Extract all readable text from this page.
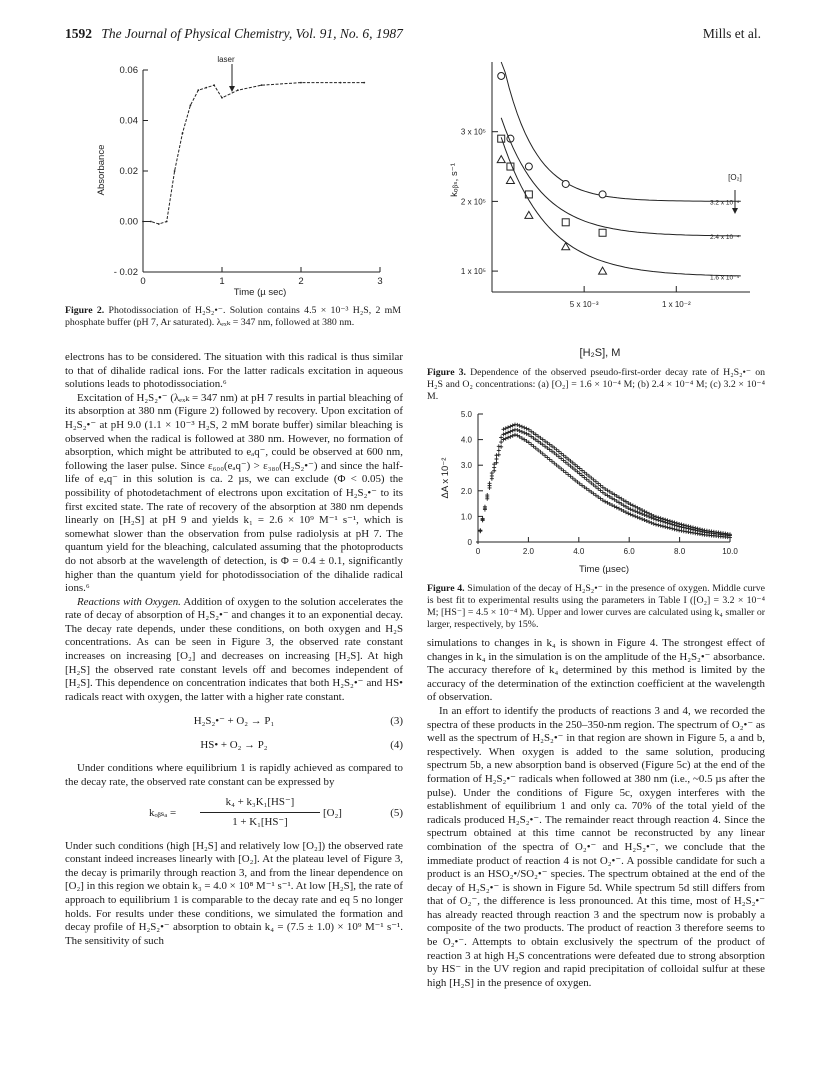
1592 The Journal of Physical Chemistry, Vol. 91, No. 6, 1987	Mills et al.
0.06
0.04
0.02
0.00
- 0.02
0	1	2	3
laser
Absorbance
Time (µ sec)
Figure 2. Photodissociation of H₂S₂•⁻. Solution contains 4.5 × 10⁻³ H₂S, 2 mM phosphate buffer (pH 7, Ar saturated). λₑₓₖ = 347 nm, followed at 380 nm.

electrons has to be considered. The situation with this radical is thus similar to that of dihalide radical ions. For the latter radicals excitation in aqueous solutions leads to photodissociation.⁶

Excitation of H₂S₂•⁻ (λₑₓₖ = 347 nm) at pH 7 results in partial bleaching of its absorption at 380 nm (Figure 2) followed by recovery. Upon excitation of H₂S₂•⁻ at pH 9.0 (1.1 × 10⁻³ H₂S, 2 mM borate buffer) similar bleaching is observed when the radical is followed at 380 nm. However, no formation of absorption, which might be attributed to eₐq⁻, could be observed at 600 nm, following the laser pulse. Since ε₆₀₀(eₐq⁻) > ε₃₈₀(H₂S₂•⁻) and since the half-life of eₐq⁻ in this solution is ca. 2 µs, we can exclude (Φ < 0.05) the possibility of photodetachment of electrons upon excitation of H₂S₂•⁻ to its first excited state. The rate of recovery of the absorption at 380 nm depends linearly on [H₂S] at pH 9 and yields k₁ = 2.6 × 10⁹ M⁻¹ s⁻¹, which is somewhat slower than the observation from pulse radiolysis at pH 7. The quantum yield for the bleaching, calculated assuming that the photoproducts do not absorb at the wavelength of detection, is Φ = 0.4 ± 0.1, significantly higher than the quantum yield for photodissociation of the dihalide radical ions.⁶

Reactions with Oxygen. Addition of oxygen to the solution accelerates the rate of decay of absorption of H₂S₂•⁻ and changes it to an exponential decay. The decay rate depends, under these conditions, on both oxygen and H₂S concentrations. As can be seen in Figure 3, the observed rate constant increases on increasing [O₂] and decreases on increasing [H₂S]. At high [H₂S] the observed rate constant levels off and becomes independent of [H₂S]. This dependence on concentration indicates that both H₂S₂•⁻ and HS• radicals react with oxygen, the latter with a higher rate constant.

H₂S₂•⁻ + O₂ → P₁	(3)
HS• + O₂ → P₂	(4)

Under conditions where equilibrium 1 is rapidly achieved as compared to the decay rate, the observed rate constant can be expressed by

kₒᵦₛₐ =
k₄ + k₃K₁[HS⁻]
1 + K₁[HS⁻]
[O₂]	(5)

Under such conditions (high [H₂S] and relatively low [O₂]) the observed rate constant indeed increases linearly with [O₂]. At the plateau level of Figure 3, the decay is primarily through reaction 3, and from the linear dependence on [O₂] in this region we obtain k₃ = 4.0 × 10⁸ M⁻¹ s⁻¹. At low [H₂S], the rate of approach to equilibrium 1 is comparable to the decay rate and eq 5 no longer holds. For results under these conditions, we simulated the formation and decay profile of H₂S₂•⁻ absorption to obtain k₄ = (7.5 ± 1.0) × 10⁹ M⁻¹ s⁻¹. The sensitivity of such

3 x 10⁵
2 x 10⁵
1 x 10⁵
5 x 10⁻³	1 x 10⁻²
3.2 x 10⁻⁴
2.4 x 10⁻⁴
1.6 x 10⁻⁴
kₒᵦₛ, s⁻¹
[H₂S], M
[O₂]
Figure 3. Dependence of the observed pseudo-first-order decay rate of H₂S₂•⁻ on H₂S and O₂ concentrations: (a) [O₂] = 1.6 × 10⁻⁴ M; (b) 2.4 × 10⁻⁴ M; (c) 3.2 × 10⁻⁴ M.
5.0
4.0
3.0
2.0
1.0
0
0	2.0	4.0	6.0	8.0	10.0
ΔA x 10⁻²
Time (µsec)
Figure 4. Simulation of the decay of H₂S₂•⁻ in the presence of oxygen. Middle curve is best fit to experimental results using the parameters in Table I ([O₂] = 3.2 × 10⁻⁴ M; [HS⁻] = 4.5 × 10⁻⁴ M). Upper and lower curves are calculated using k₄ smaller or larger, respectively, by 15%.

simulations to changes in k₄ is shown in Figure 4. The strongest effect of changes in k₄ in the simulation is on the amplitude of the H₂S₂•⁻ absorbance. The accuracy therefore of k₄ determined by this method is limited by the accuracy of the determination of the extinction coefficient at the wavelength of observation.

In an effort to identify the products of reactions 3 and 4, we recorded the spectra of these products in the 250–350-nm region. The spectrum of O₂•⁻ as well as the spectrum of H₂S₂•⁻ in that region are shown in Figure 5, a and b, respectively. When oxygen is added to the same solution, producing spectrum 5b, a new absorption band is observed (Figure 5c) at the end of the formation of H₂S₂•⁻ radicals when followed at 380 nm (i.e., ~0.5 µs after the pulse). Under the conditions of Figure 5c, oxygen interferes with the establishment of equilibrium 1 and only ca. 70% of the total yield of the radicals produced H₂S₂•⁻. The remainder react through reaction 4. Since the spectrum obtained at this time cannot be reconstructed by any linear combination of the spectra of O₂•⁻ and H₂S₂•⁻, we conclude that the immediate product of reaction 4 is not O₂•⁻. A possible candidate for such a product is an HSO₂•/SO₂•⁻ species. The spectrum obtained at the end of the decay of H₂S₂•⁻ is shown in Figure 5d. While spectrum 5d still differs from that of O₂⁻, the difference is less pronounced. At this time, most of H₂S₂•⁻ has already reacted through reaction 3 and the spectrum now is probably a composite of the two products. The product of reaction 3 therefore seems to be O₂•⁻. Attempts to obtain exclusively the spectrum of the product of reaction 3 at high H₂S concentrations were defeated due to strong absorption by HS⁻ in the UV region and rapid precipitation of colloidal sulfur at these high [H₂S] in the presence of oxygen.
